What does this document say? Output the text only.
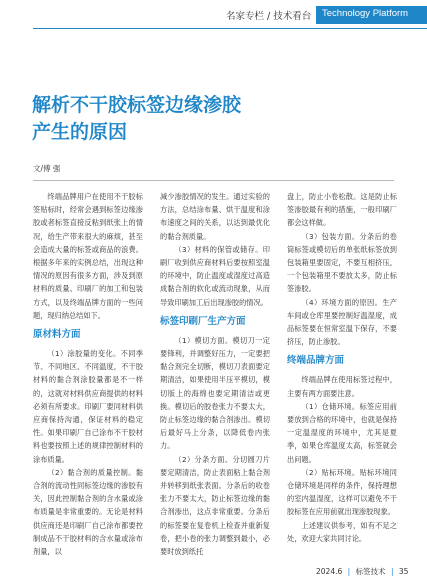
名家专栏 / 技术看台 Technology Platform
解析不干胶标签边缘渗胶
产生的原因
文/傅 强

终端品牌用户在使用不干胶标签贴标时，经常会遇到标签边缘渗胶或者标签直接反粘到纸张上的情况，给生产带来很大的麻烦，甚至会造成大量的标签或商品的浪费。根据多年来的实例总结，出现这种情况的原因有很多方面，涉及到原材料的质量、印刷厂的加工和包装方式，以及终端品牌方面的一些问题，现归纳总结如下。

原材料方面

（1）涂胶量的变化。不同季节、不同地区、不同温度，不干胶材料的黏合剂涂胶量都是不一样的，这就对材料供应商提供的材料必须有所要求。印刷厂要同材料供应商保持沟通，保证材料的稳定性。如果印刷厂自己涂布不干胶材料也要按照上述的规律控制材料的涂布质量。

（2）黏合剂的质量控制。黏合剂的流动性同标签边缘的渗胶有关，因此控制黏合剂的含水量或涂布质量是非常重要的。无论是材料供应商还是印刷厂自己涂布都要控制成品不干胶材料的含水量或涂布剂量，以

减少渗胶情况的发生。通过实验的方法，总结涂布量、烘干温度和涂布速度之间的关系，以达到最优化的黏合剂质量。

（3）材料的保管或储存。印刷厂收到供应商材料后要按照室温的环境中，防止温度或湿度过高造成黏合剂的软化或流动现象，从而导致印刷加工后出现渗胶的情况。

标签印刷厂生产方面

（1）模切方面。模切刀一定要锋利，并调整好压力，一定要把黏合剂完全切断，模切刀表面要定期清洁，如果使用半压平模切，模切版上的海绵也要定期清洁或更换。模切后的胶卷张力不要太大，防止标签边缘的黏合剂渗出。模切后最好马上分条，以降低卷内张力。

（2）分条方面。分切圆刀片要定期清洁，防止表面粘上黏合剂并转移到纸张表面。分条后的收卷张力不要太大，防止标签边缘的黏合剂渗出，这点非常重要。分条后的标签要在复卷机上检查并重新复卷，把小卷的张力调整到最小，必要时放到纸托

盘上，防止小卷松散。这是防止标签渗胶最有利的措施，一般印刷厂都会这样做。

（3）包装方面。分条后的卷筒标签或模切后的单张纸标签放到包装箱里要固定，不要互相挤压，一个包装箱里不要放太多，防止标签渗胶。

（4）环境方面的原因。生产车间或仓库里要控制好温湿度，成品标签要在恒常室温下保存，不要挤压，防止渗胶。

终端品牌方面

终端品牌在使用标签过程中，主要有两方面要注意。

（1）仓储环境。标签应用前要放到合格的环境中，也就是保持一定温湿度的环境中，尤其是夏季，如果仓库温度太高，标签就会出问题。

（2）贴标环境。贴标环境同仓储环境是同样的条件，保持理想的室内温湿度，这样可以避免不干胶标签在应用前就出现渗胶现象。

上述建议供参考，如有不足之处，欢迎大家共同讨论。

2024.6 | 标签技术 | 35
